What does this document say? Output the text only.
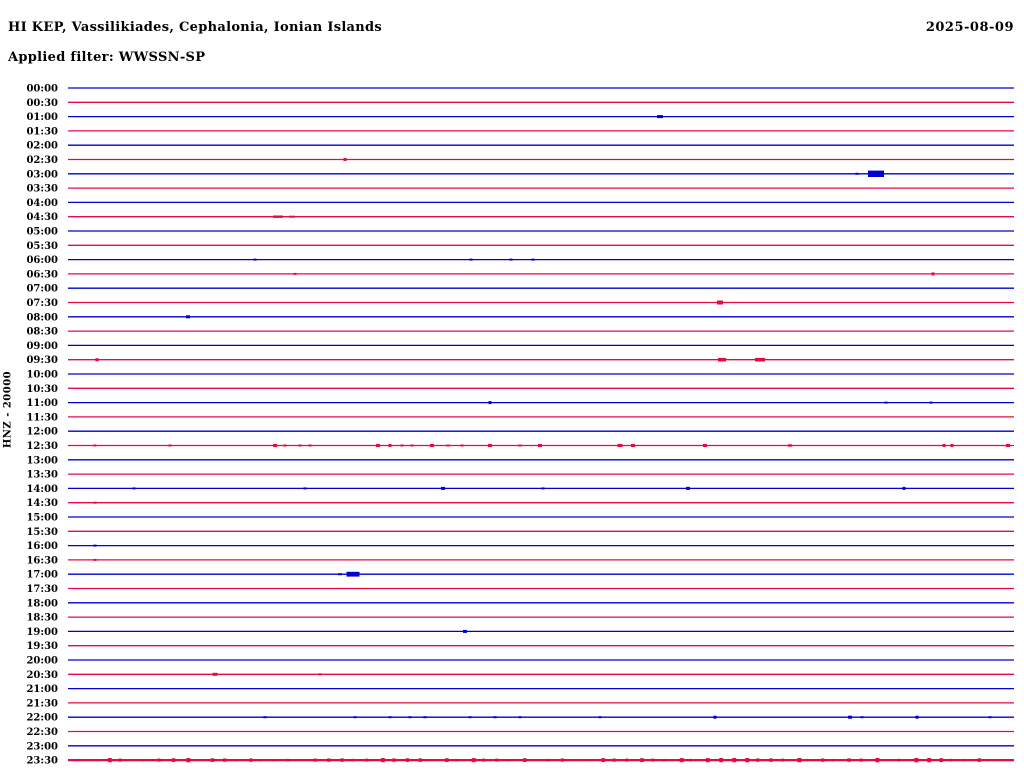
HI KEP, Vassilikiades, Cephalonia, Ionian Islands	2025-08-09
Applied filter: WWSSN-SP
HNZ - 20000
00:00
00:30
01:00
01:30
02:00
02:30
03:00
03:30
04:00
04:30
05:00
05:30
06:00
06:30
07:00
07:30
08:00
08:30
09:00
09:30
10:00
10:30
11:00
11:30
12:00
12:30
13:00
13:30
14:00
14:30
15:00
15:30
16:00
16:30
17:00
17:30
18:00
18:30
19:00
19:30
20:00
20:30
21:00
21:30
22:00
22:30
23:00
23:30
